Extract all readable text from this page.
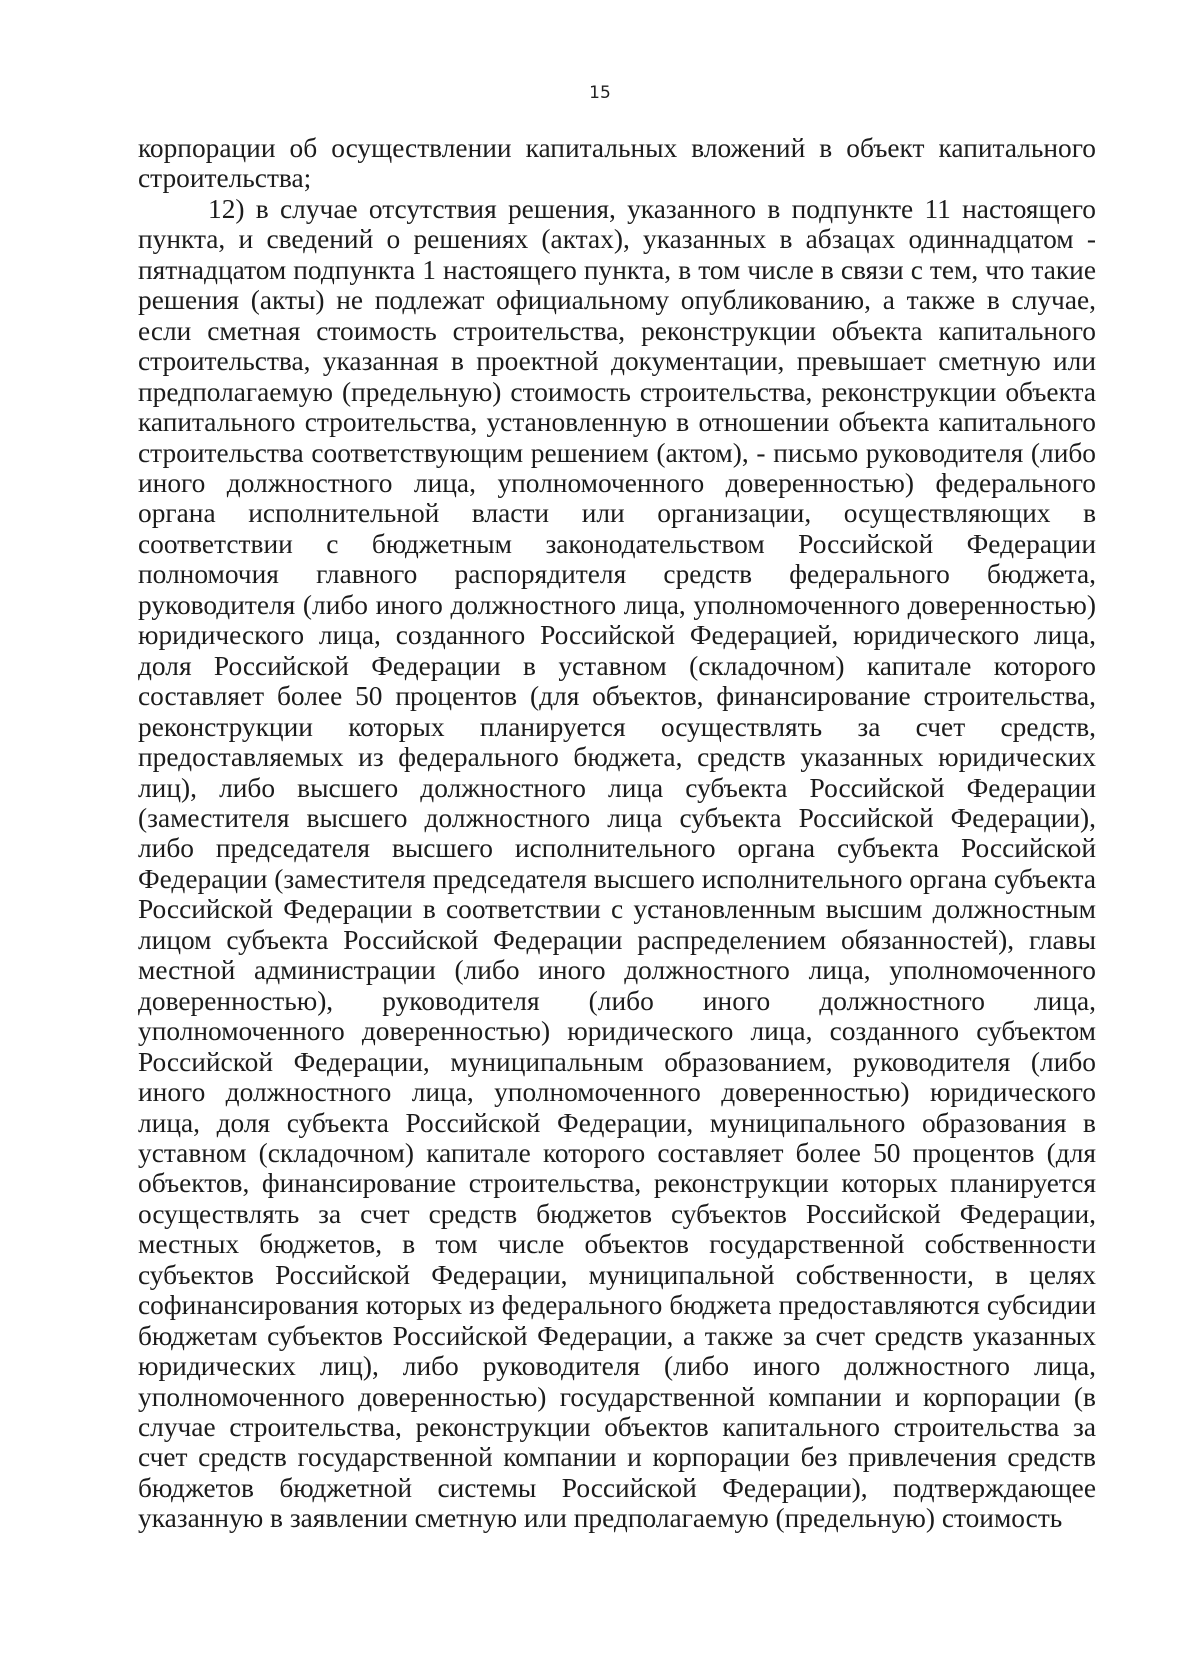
15

корпорации об осуществлении капитальных вложений в объект капитального строительства;

12) в случае отсутствия решения, указанного в подпункте 11 настоящего пункта, и сведений о решениях (актах), указанных в абзацах одиннадцатом - пятнадцатом подпункта 1 настоящего пункта, в том числе в связи с тем, что такие решения (акты) не подлежат официальному опубликованию, а также в случае, если сметная стоимость строительства, реконструкции объекта капитального строительства, указанная в проектной документации, превышает сметную или предполагаемую (предельную) стоимость строительства, реконструкции объекта капитального строительства, установленную в отношении объекта капитального строительства соответствующим решением (актом), - письмо руководителя (либо иного должностного лица, уполномоченного доверенностью) федерального органа исполнительной власти или организации, осуществляющих в соответствии с бюджетным законодательством Российской Федерации полномочия главного распорядителя средств федерального бюджета, руководителя (либо иного должностного лица, уполномоченного доверенностью) юридического лица, созданного Российской Федерацией, юридического лица, доля Российской Федерации в уставном (складочном) капитале которого составляет более 50 процентов (для объектов, финансирование строительства, реконструкции которых планируется осуществлять за счет средств, предоставляемых из федерального бюджета, средств указанных юридических лиц), либо высшего должностного лица субъекта Российской Федерации (заместителя высшего должностного лица субъекта Российской Федерации), либо председателя высшего исполнительного органа субъекта Российской Федерации (заместителя председателя высшего исполнительного органа субъекта Российской Федерации в соответствии с установленным высшим должностным лицом субъекта Российской Федерации распределением обязанностей), главы местной администрации (либо иного должностного лица, уполномоченного доверенностью), руководителя (либо иного должностного лица, уполномоченного доверенностью) юридического лица, созданного субъектом Российской Федерации, муниципальным образованием, руководителя (либо иного должностного лица, уполномоченного доверенностью) юридического лица, доля субъекта Российской Федерации, муниципального образования в уставном (складочном) капитале которого составляет более 50 процентов (для объектов, финансирование строительства, реконструкции которых планируется осуществлять за счет средств бюджетов субъектов Российской Федерации, местных бюджетов, в том числе объектов государственной собственности субъектов Российской Федерации, муниципальной собственности, в целях софинансирования которых из федерального бюджета предоставляются субсидии бюджетам субъектов Российской Федерации, а также за счет средств указанных юридических лиц), либо руководителя (либо иного должностного лица, уполномоченного доверенностью) государственной компании и корпорации (в случае строительства, реконструкции объектов капитального строительства за счет средств государственной компании и корпорации без привлечения средств бюджетов бюджетной системы Российской Федерации), подтверждающее указанную в заявлении сметную или предполагаемую (предельную) стоимость
